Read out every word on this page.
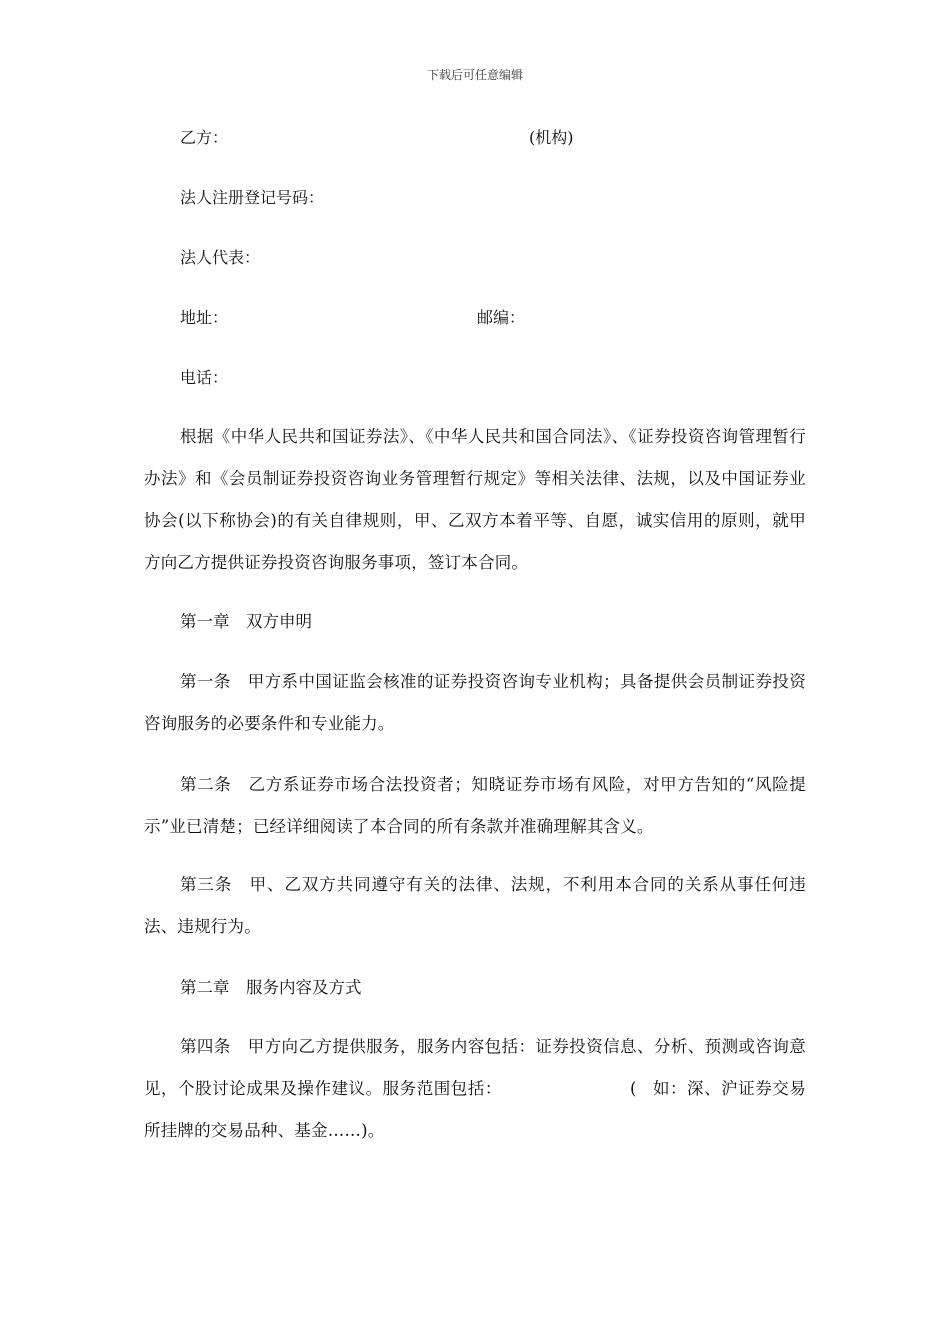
下载后可任意编辑
乙方：	(机构)
法人注册登记号码：
法人代表：
地址：	邮编：
电话：
根据《中华人民共和国证券法》、《中华人民共和国合同法》、《证券投资咨询管理暂行办法》和《会员制证券投资咨询业务管理暂行规定》等相关法律、法规，以及中国证券业协会(以下称协会)的有关自律规则，甲、乙双方本着平等、自愿，诚实信用的原则，就甲方向乙方提供证券投资咨询服务事项，签订本合同。
第一章　双方申明
第一条　甲方系中国证监会核准的证券投资咨询专业机构；具备提供会员制证券投资咨询服务的必要条件和专业能力。
第二条　乙方系证券市场合法投资者；知晓证券市场有风险，对甲方告知的“风险提示”业已清楚；已经详细阅读了本合同的所有条款并准确理解其含义。
第三条　甲、乙双方共同遵守有关的法律、法规，不利用本合同的关系从事任何违法、违规行为。
第二章　服务内容及方式
第四条　甲方向乙方提供服务，服务内容包括：证券投资信息、分析、预测或咨询意见，个股讨论成果及操作建议。服务范围包括：	( 如：深、沪证券交易所挂牌的交易品种、基金……)。
